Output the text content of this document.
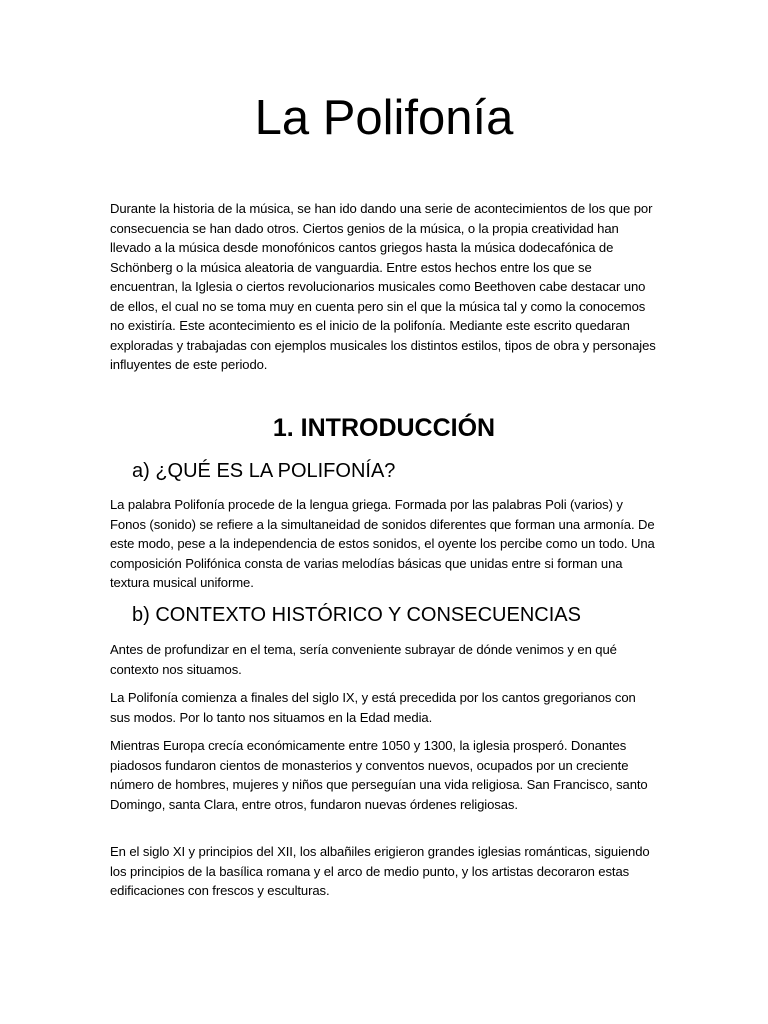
La Polifonía

Durante la historia de la música, se han ido dando una serie de acontecimientos de los que por consecuencia se han dado otros. Ciertos genios de la música, o la propia creatividad han llevado a la música desde monofónicos cantos griegos hasta la música dodecafónica de Schönberg o la música aleatoria de vanguardia. Entre estos hechos entre los que se encuentran, la Iglesia o ciertos revolucionarios musicales como Beethoven cabe destacar uno de ellos, el cual no se toma muy en cuenta pero sin el que la música tal y como la conocemos no existiría. Este acontecimiento es el inicio de la polifonía. Mediante este escrito quedaran exploradas y trabajadas con ejemplos musicales los distintos estilos, tipos de obra y personajes influyentes de este periodo.

1. INTRODUCCIÓN
a) ¿QUÉ ES LA POLIFONÍA?

La palabra Polifonía procede de la lengua griega. Formada por las palabras Poli (varios) y Fonos (sonido) se refiere a la simultaneidad de sonidos diferentes que forman una armonía. De este modo, pese a la independencia de estos sonidos, el oyente los percibe como un todo. Una composición Polifónica consta de varias melodías básicas que unidas entre si forman una textura musical uniforme.

b) CONTEXTO HISTÓRICO Y CONSECUENCIAS

Antes de profundizar en el tema, sería conveniente subrayar de dónde venimos y en qué contexto nos situamos.

La Polifonía comienza a finales del siglo IX, y está precedida por los cantos gregorianos con sus modos. Por lo tanto nos situamos en la Edad media.

Mientras Europa crecía económicamente entre 1050 y 1300, la iglesia prosperó. Donantes piadosos fundaron cientos de monasterios y conventos nuevos, ocupados por un creciente número de hombres, mujeres y niños que perseguían una vida religiosa. San Francisco, santo Domingo, santa Clara, entre otros, fundaron nuevas órdenes religiosas.

En el siglo XI y principios del XII, los albañiles erigieron grandes iglesias románticas, siguiendo los principios de la basílica romana y el arco de medio punto, y los artistas decoraron estas edificaciones con frescos y esculturas.
